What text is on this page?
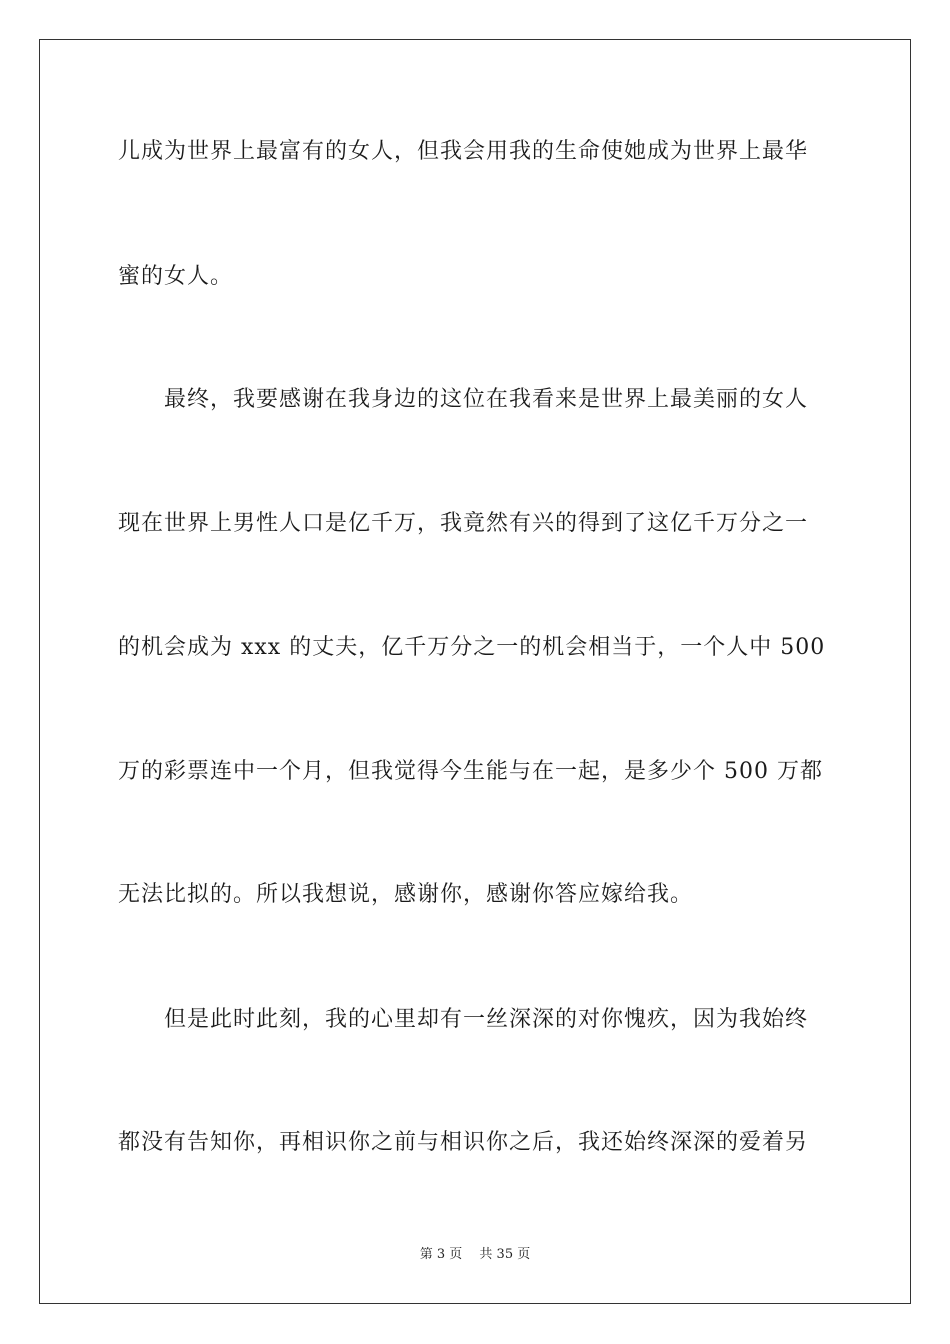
儿成为世界上最富有的女人，但我会用我的生命使她成为世界上最华
蜜的女人。
　　最终，我要感谢在我身边的这位在我看来是世界上最美丽的女人
现在世界上男性人口是亿千万，我竟然有兴的得到了这亿千万分之一
的机会成为 xxx 的丈夫，亿千万分之一的机会相当于，一个人中 500
万的彩票连中一个月，但我觉得今生能与在一起，是多少个 500 万都
无法比拟的。所以我想说，感谢你，感谢你答应嫁给我。
　　但是此时此刻，我的心里却有一丝深深的对你愧疚，因为我始终
都没有告知你，再相识你之前与相识你之后，我还始终深深的爱着另
第 3 页　 共 35 页
